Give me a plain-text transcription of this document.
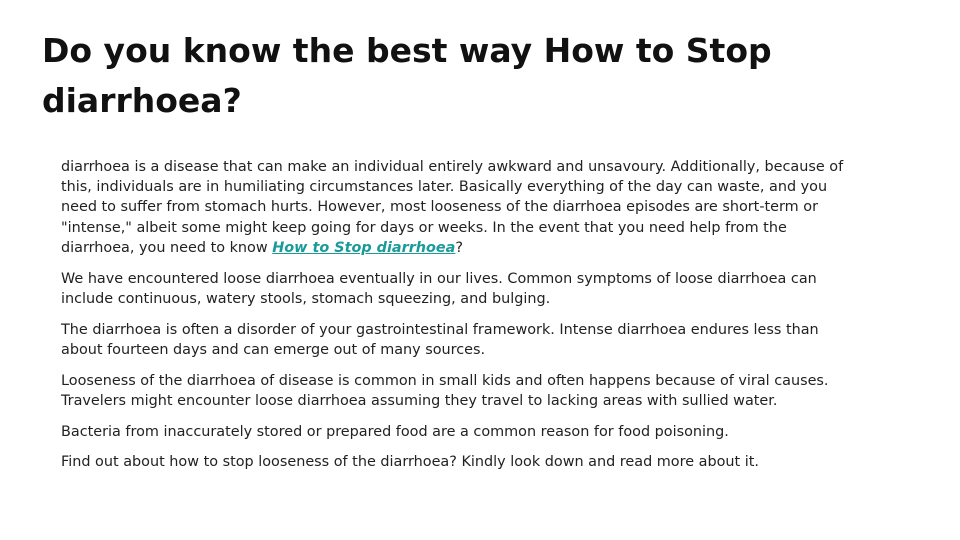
Do you know the best way How to Stop diarrhoea?

diarrhoea is a disease that can make an individual entirely awkward and unsavoury. Additionally, because of this, individuals are in humiliating circumstances later. Basically everything of the day can waste, and you need to suffer from stomach hurts. However, most looseness of the diarrhoea episodes are short-term or "intense," albeit some might keep going for days or weeks. In the event that you need help from the diarrhoea, you need to know How to Stop diarrhoea?

We have encountered loose diarrhoea eventually in our lives. Common symptoms of loose diarrhoea can include continuous, watery stools, stomach squeezing, and bulging.

The diarrhoea is often a disorder of your gastrointestinal framework. Intense diarrhoea endures less than about fourteen days and can emerge out of many sources.

Looseness of the diarrhoea of disease is common in small kids and often happens because of viral causes. Travelers might encounter loose diarrhoea assuming they travel to lacking areas with sullied water.

Bacteria from inaccurately stored or prepared food are a common reason for food poisoning.

Find out about how to stop looseness of the diarrhoea? Kindly look down and read more about it.
